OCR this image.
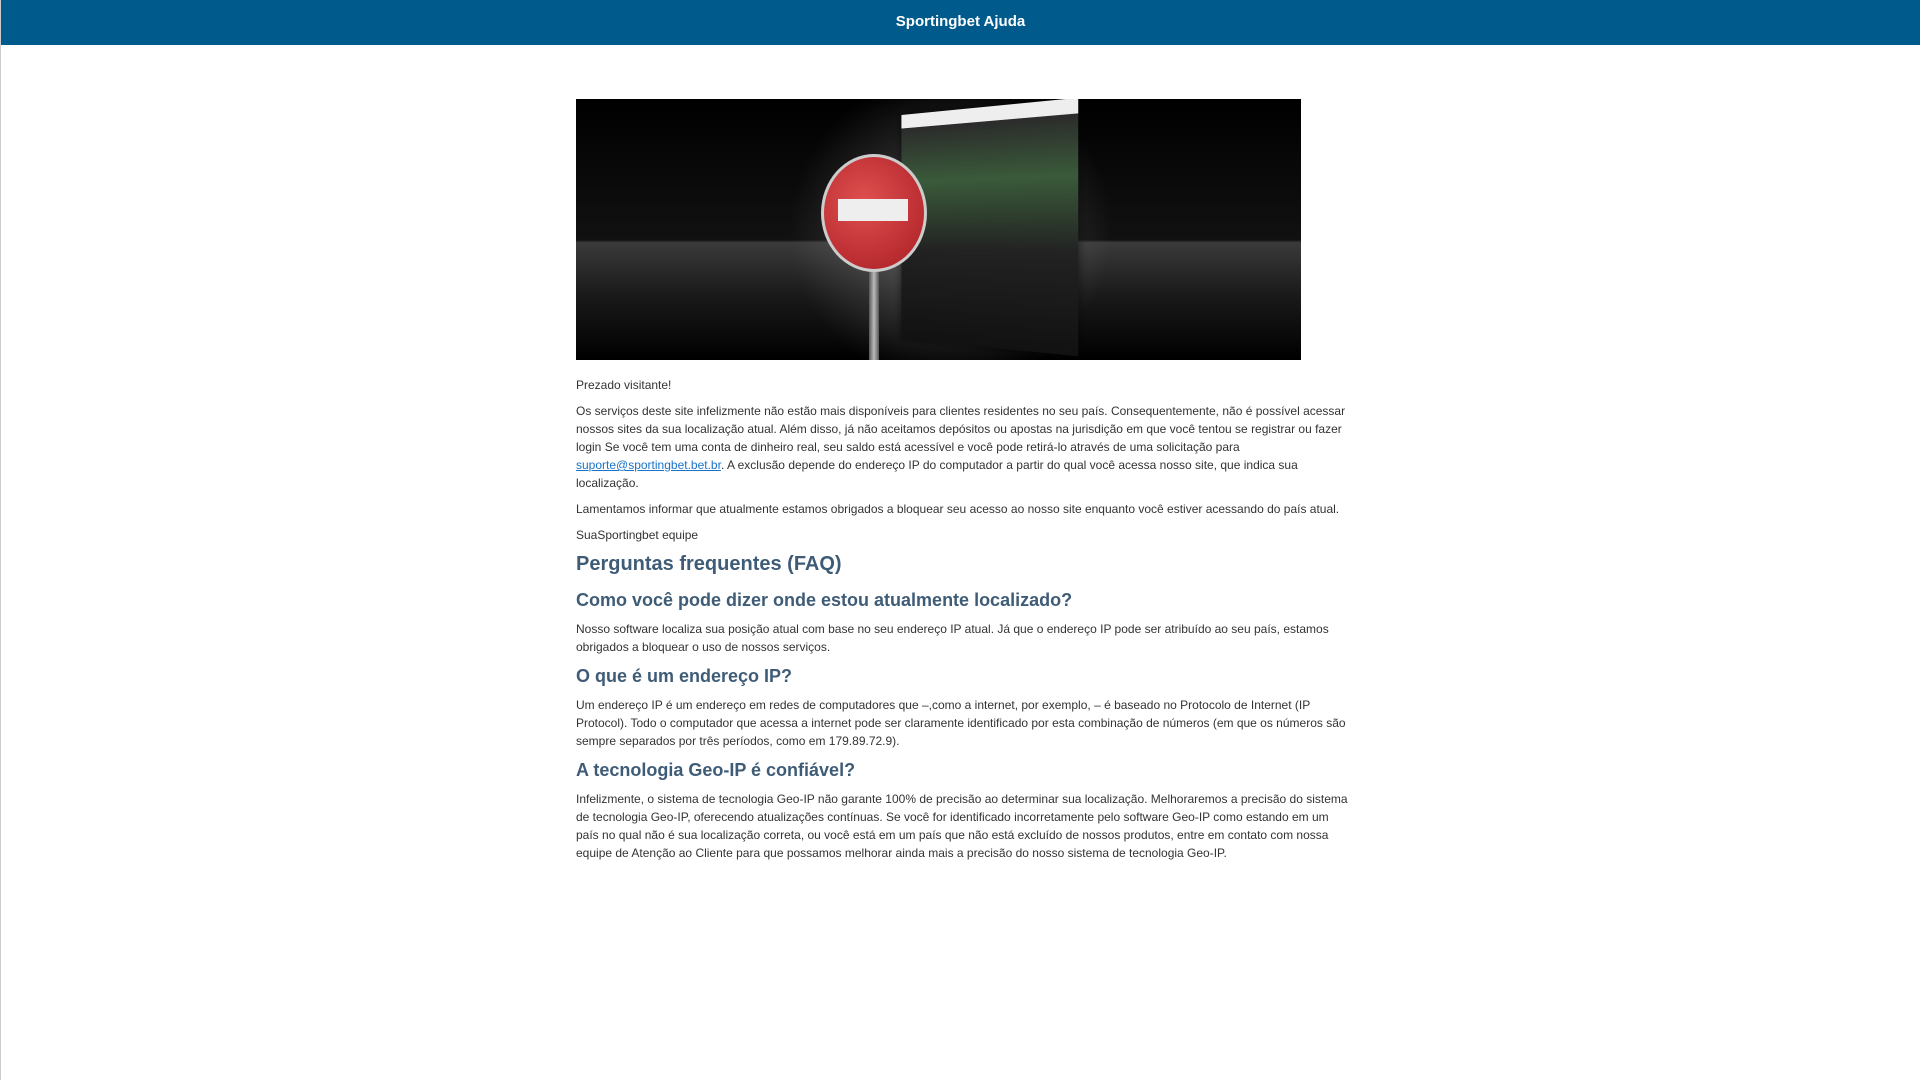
Sportingbet Ajuda

Prezado visitante!

Os serviços deste site infelizmente não estão mais disponíveis para clientes residentes no seu país. Consequentemente, não é possível acessar nossos sites da sua localização atual. Além disso, já não aceitamos depósitos ou apostas na jurisdição em que você tentou se registrar ou fazer login Se você tem uma conta de dinheiro real, seu saldo está acessível e você pode retirá-lo através de uma solicitação para suporte@sportingbet.bet.br. A exclusão depende do endereço IP do computador a partir do qual você acessa nosso site, que indica sua localização.

Lamentamos informar que atualmente estamos obrigados a bloquear seu acesso ao nosso site enquanto você estiver acessando do país atual.

SuaSportingbet equipe

Perguntas frequentes (FAQ)
Como você pode dizer onde estou atualmente localizado?

Nosso software localiza sua posição atual com base no seu endereço IP atual. Já que o endereço IP pode ser atribuído ao seu país, estamos obrigados a bloquear o uso de nossos serviços.

O que é um endereço IP?

Um endereço IP é um endereço em redes de computadores que –,como a internet, por exemplo, – é baseado no Protocolo de Internet (IP Protocol). Todo o computador que acessa a internet pode ser claramente identificado por esta combinação de números (em que os números são sempre separados por três períodos, como em 179.89.72.9).

A tecnologia Geo-IP é confiável?

Infelizmente, o sistema de tecnologia Geo-IP não garante 100% de precisão ao determinar sua localização. Melhoraremos a precisão do sistema de tecnologia Geo-IP, oferecendo atualizações contínuas. Se você for identificado incorretamente pelo software Geo-IP como estando em um país no qual não é sua localização correta, ou você está em um país que não está excluído de nossos produtos, entre em contato com nossa equipe de Atenção ao Cliente para que possamos melhorar ainda mais a precisão do nosso sistema de tecnologia Geo-IP.
